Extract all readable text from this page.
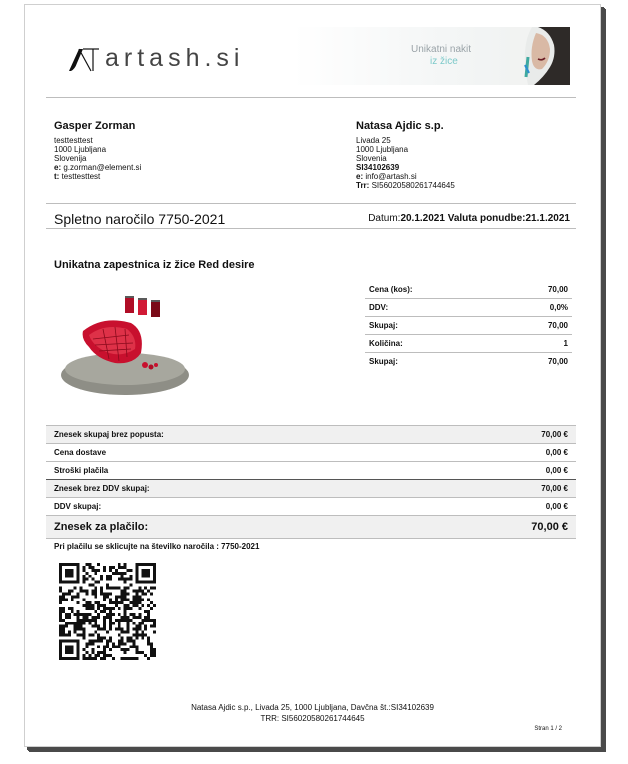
artash.si	Unikatni nakit
iz žice
Gasper Zorman
testtesttest
1000 Ljubljana
Slovenija
e: g.zorman@element.si
t: testtesttest
Natasa Ajdic s.p.
Livada 25
1000 Ljubljana
Slovenia
SI34102639
e: info@artash.si
Trr: SI56020580261744645
Spletno naročilo 7750-2021	Datum:20.1.2021 Valuta ponudbe:21.1.2021
Unikatna zapestnica iz žice Red desire
Cena (kos):	70,00
DDV:	0,0%
Skupaj:	70,00
Količina:	1
Skupaj:	70,00
Znesek skupaj brez popusta:	70,00 €
Cena dostave	0,00 €
Stroški plačila	0,00 €
Znesek brez DDV skupaj:	70,00 €
DDV skupaj:	0,00 €
Znesek za plačilo:	70,00 €
Pri plačilu se sklicujte na številko naročila : 7750-2021
Natasa Ajdic s.p., Livada 25, 1000 Ljubljana, Davčna št.:SI34102639
TRR: SI56020580261744645
Stran 1 / 2
